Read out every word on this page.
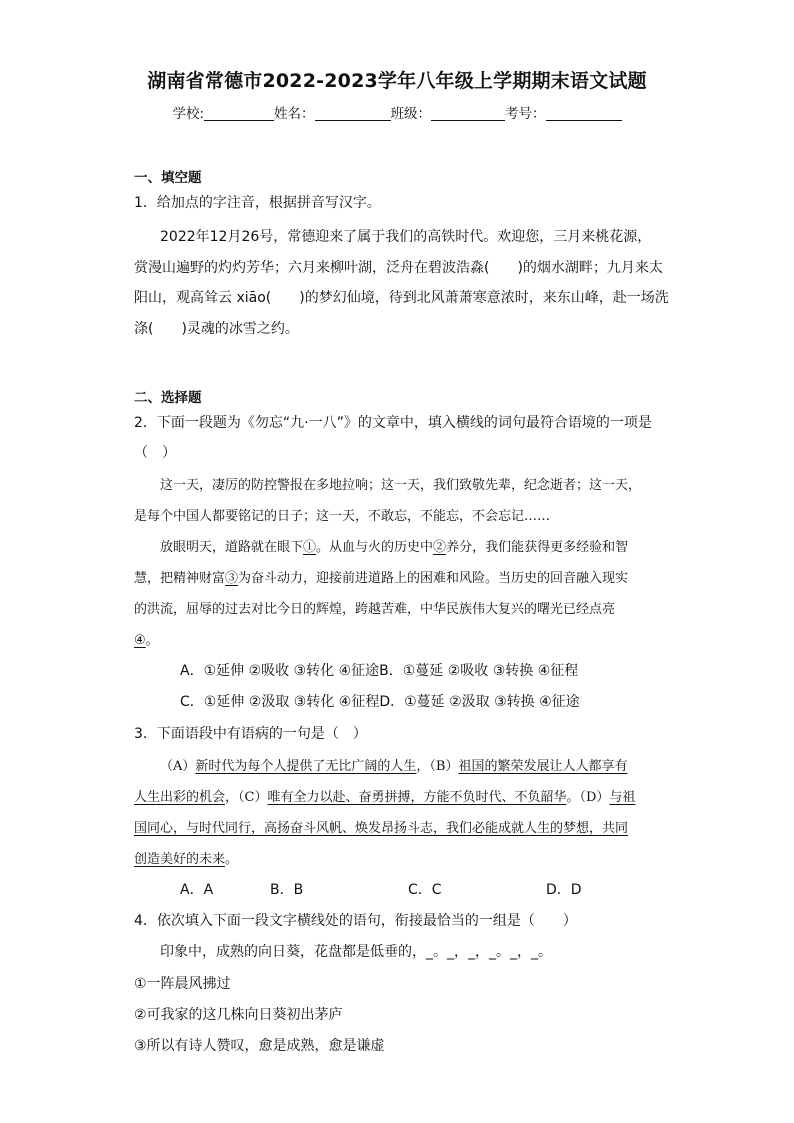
湖南省常德市2022-2023学年八年级上学期期末语文试题
学校:	姓名：	班级：	考号：
一、填空题
1．给加点的字注音，根据拼音写汉字。
2022年12月26号，常德迎来了属于我们的高铁时代。欢迎您，三月来桃花源，
赏漫山遍野的灼灼芳华；六月来柳叶湖，泛舟在碧波浩淼( )的烟水湖畔；九月来太
阳山，观高耸云 xiāo( )的梦幻仙境，待到北风萧萧寒意浓时，来东山峰，赴一场洗
涤( )灵魂的冰雪之约。
二、选择题
2．下面一段题为《勿忘“九·一八”》的文章中，填入横线的词句最符合语境的一项是
（　）
这一天，凄厉的防控警报在多地拉响；这一天，我们致敬先辈，纪念逝者；这一天，
是每个中国人都要铭记的日子；这一天，不敢忘，不能忘，不会忘记……
放眼明天，道路就在眼下①。从血与火的历史中②养分，我们能获得更多经验和智
慧，把精神财富③为奋斗动力，迎接前进道路上的困难和风险。当历史的回音融入现实
的洪流，屈辱的过去对比今日的辉煌，跨越苦难，中华民族伟大复兴的曙光已经点亮
④。
A．①延伸 ②吸收 ③转化 ④征途B．①蔓延 ②吸收 ③转换 ④征程
C．①延伸 ②汲取 ③转化 ④征程D．①蔓延 ②汲取 ③转换 ④征途
3．下面语段中有语病的一句是（　）
（A）新时代为每个人提供了无比广阔的人生，（B）祖国的繁荣发展让人人都享有
人生出彩的机会，（C）唯有全力以赴、奋勇拼搏，方能不负时代、不负韶华。（D）与祖
国同心，与时代同行，高扬奋斗风帆、焕发昂扬斗志，我们必能成就人生的梦想，共同
创造美好的未来。
A．A	B．B	C．C	D．D
4．依次填入下面一段文字横线处的语句，衔接最恰当的一组是（　　）
印象中，成熟的向日葵，花盘都是低垂的，_。_，_，_。_，_。
①一阵晨风拂过
②可我家的这几株向日葵初出茅庐
③所以有诗人赞叹，愈是成熟，愈是谦虚
